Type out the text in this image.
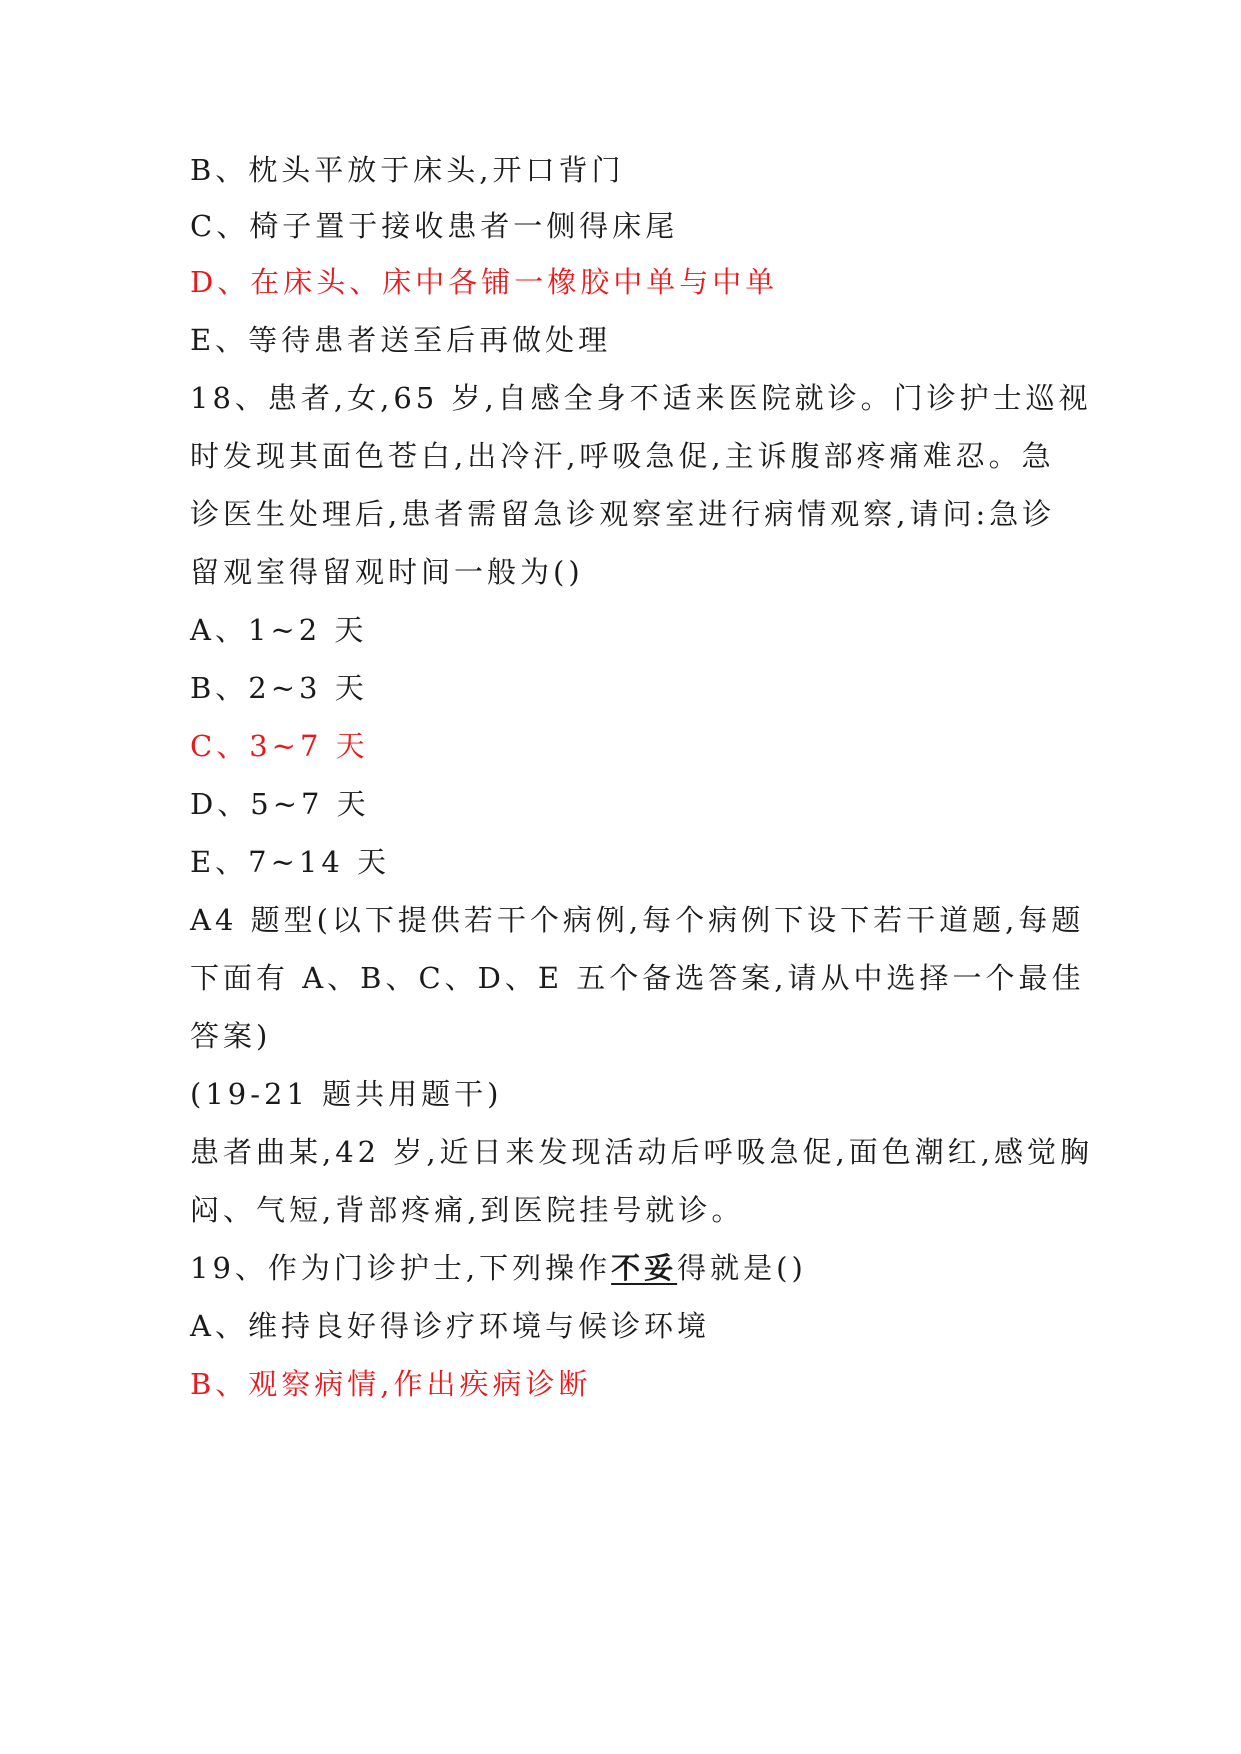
B、枕头平放于床头,开口背门
C、椅子置于接收患者一侧得床尾
D、在床头、床中各铺一橡胶中单与中单
E、等待患者送至后再做处理
18、患者,女,65 岁,自感全身不适来医院就诊。门诊护士巡视
时发现其面色苍白,出冷汗,呼吸急促,主诉腹部疼痛难忍。急
诊医生处理后,患者需留急诊观察室进行病情观察,请问:急诊
留观室得留观时间一般为()
A、1~2 天
B、2~3 天
C、3~7 天
D、5~7 天
E、7~14 天
A4 题型(以下提供若干个病例,每个病例下设下若干道题,每题
下面有 A、B、C、D、E 五个备选答案,请从中选择一个最佳
答案)
(19-21 题共用题干)
患者曲某,42 岁,近日来发现活动后呼吸急促,面色潮红,感觉胸
闷、气短,背部疼痛,到医院挂号就诊。
19、作为门诊护士,下列操作不妥得就是()
A、维持良好得诊疗环境与候诊环境
B、观察病情,作出疾病诊断
